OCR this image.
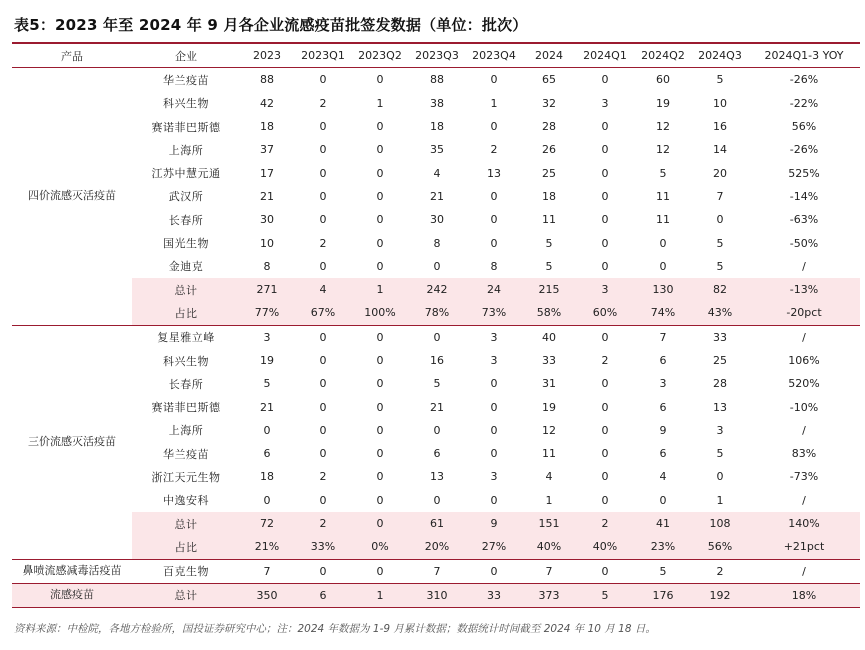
表5：2023 年至 2024 年 9 月各企业流感疫苗批签发数据（单位：批次）
产品	企业	2023	2023Q1	2023Q2	2023Q3	2023Q4	2024	2024Q1	2024Q2	2024Q3	2024Q1-3 YOY
四价流感灭活疫苗	华兰疫苗	88	0	0	88	0	65	0	60	5	-26%
	科兴生物	42	2	1	38	1	32	3	19	10	-22%
	赛诺菲巴斯德	18	0	0	18	0	28	0	12	16	56%
	上海所	37	0	0	35	2	26	0	12	14	-26%
	江苏中慧元通	17	0	0	4	13	25	0	5	20	525%
	武汉所	21	0	0	21	0	18	0	11	7	-14%
	长春所	30	0	0	30	0	11	0	11	0	-63%
	国光生物	10	2	0	8	0	5	0	0	5	-50%
	金迪克	8	0	0	0	8	5	0	0	5	/
	总计	271	4	1	242	24	215	3	130	82	-13%
	占比	77%	67%	100%	78%	73%	58%	60%	74%	43%	-20pct
三价流感灭活疫苗	复星雅立峰	3	0	0	0	3	40	0	7	33	/
	科兴生物	19	0	0	16	3	33	2	6	25	106%
	长春所	5	0	0	5	0	31	0	3	28	520%
	赛诺菲巴斯德	21	0	0	21	0	19	0	6	13	-10%
	上海所	0	0	0	0	0	12	0	9	3	/
	华兰疫苗	6	0	0	6	0	11	0	6	5	83%
	浙江天元生物	18	2	0	13	3	4	0	4	0	-73%
	中逸安科	0	0	0	0	0	1	0	0	1	/
	总计	72	2	0	61	9	151	2	41	108	140%
	占比	21%	33%	0%	20%	27%	40%	40%	23%	56%	+21pct
鼻喷流感减毒活疫苗	百克生物	7	0	0	7	0	7	0	5	2	/
流感疫苗	总计	350	6	1	310	33	373	5	176	192	18%
资料来源：中检院，各地方检验所，国投证券研究中心；注：2024 年数据为 1-9 月累计数据；数据统计时间截至 2024 年 10 月 18 日。
